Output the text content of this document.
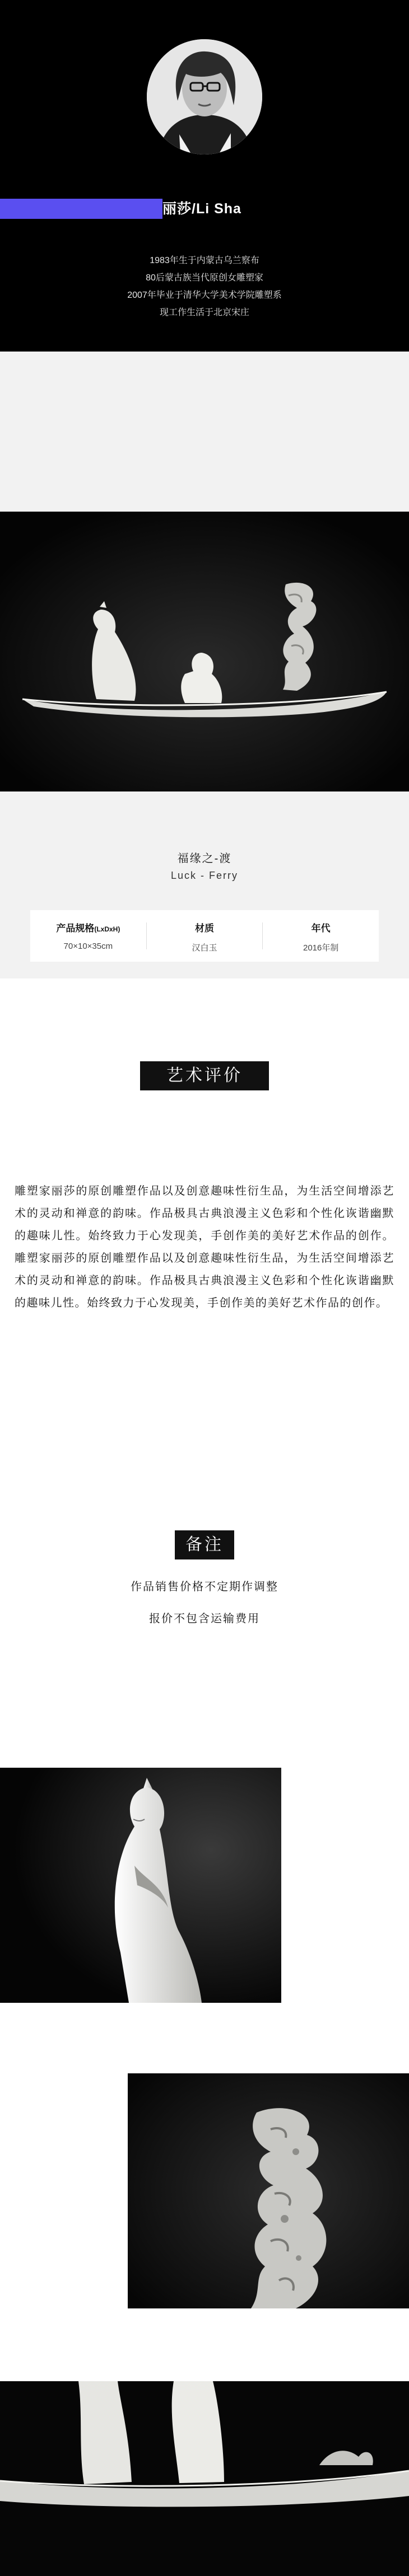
丽莎/Li Sha

1983年生于内蒙古乌兰察布

80后蒙古族当代原创女雕塑家

2007年毕业于清华大学美术学院雕塑系

现工作生活于北京宋庄

福缘之-渡
Luck - Ferry
产品规格(LxDxH)
70×10×35cm
材质
汉白玉
年代
2016年制
艺术评价

雕塑家丽莎的原创雕塑作品以及创意趣味性衍生品，为生活空间增添艺术的灵动和禅意的韵味。作品极具古典浪漫主义色彩和个性化诙谐幽默的趣味儿性。始终致力于心发现美，手创作美的美好艺术作品的创作。雕塑家丽莎的原创雕塑作品以及创意趣味性衍生品，为生活空间增添艺术的灵动和禅意的韵味。作品极具古典浪漫主义色彩和个性化诙谐幽默的趣味儿性。始终致力于心发现美，手创作美的美好艺术作品的创作。

备注
作品销售价格不定期作调整
报价不包含运输费用
